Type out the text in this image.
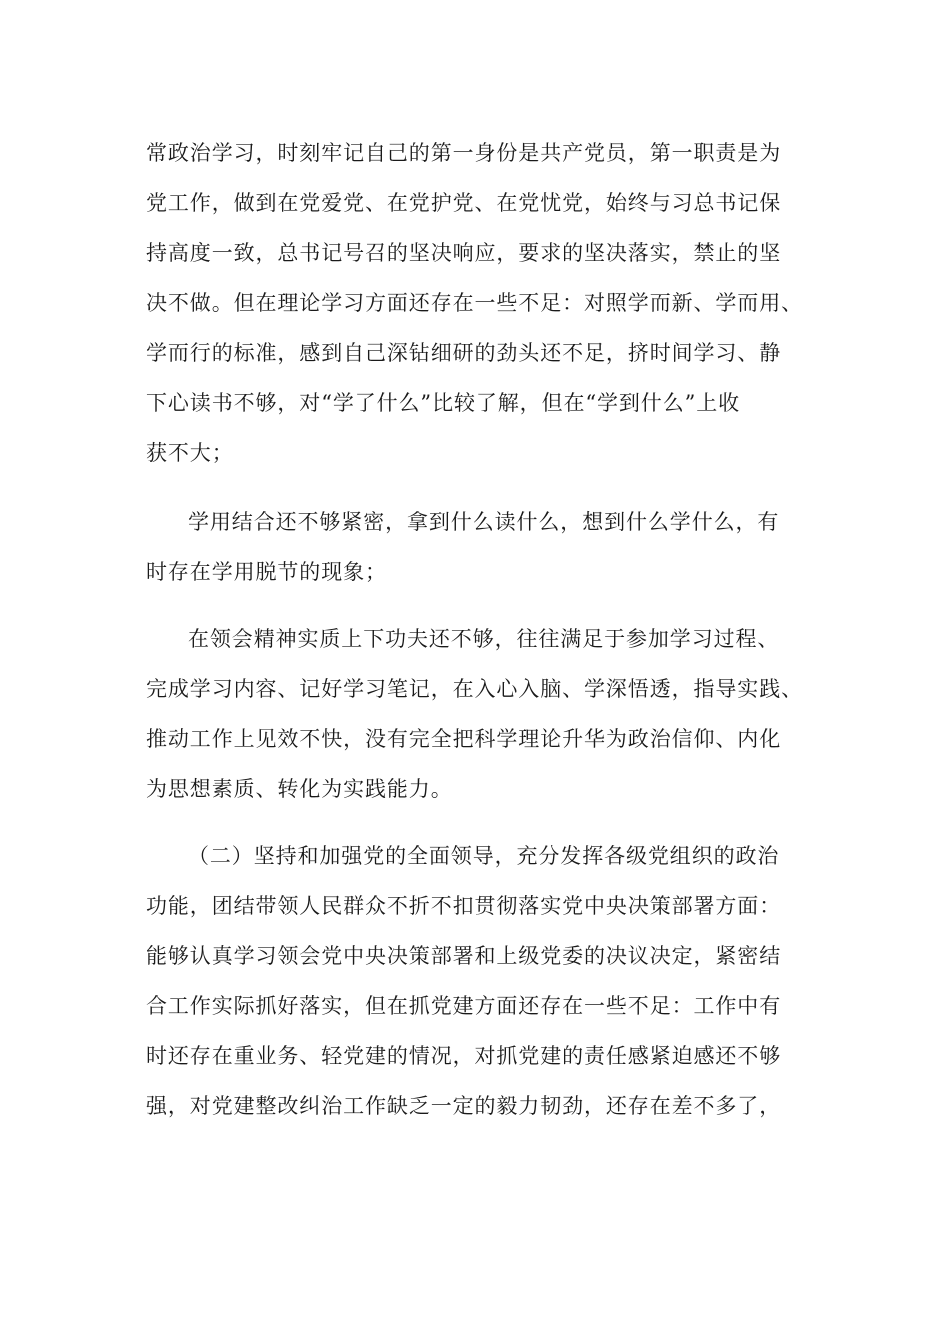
常政治学习，时刻牢记自己的第一身份是共产党员，第一职责是为
党工作，做到在党爱党、在党护党、在党忧党，始终与习总书记保
持高度一致，总书记号召的坚决响应，要求的坚决落实，禁止的坚
决不做。但在理论学习方面还存在一些不足：对照学而新、学而用、
学而行的标准，感到自己深钻细研的劲头还不足，挤时间学习、静
下心读书不够，对“学了什么”比较了解，但在“学到什么”上收
获不大；
学用结合还不够紧密，拿到什么读什么，想到什么学什么，有
时存在学用脱节的现象；
在领会精神实质上下功夫还不够，往往满足于参加学习过程、
完成学习内容、记好学习笔记，在入心入脑、学深悟透，指导实践、
推动工作上见效不快，没有完全把科学理论升华为政治信仰、内化
为思想素质、转化为实践能力。
（二）坚持和加强党的全面领导，充分发挥各级党组织的政治
功能，团结带领人民群众不折不扣贯彻落实党中央决策部署方面：
能够认真学习领会党中央决策部署和上级党委的决议决定，紧密结
合工作实际抓好落实，但在抓党建方面还存在一些不足：工作中有
时还存在重业务、轻党建的情况，对抓党建的责任感紧迫感还不够
强，对党建整改纠治工作缺乏一定的毅力韧劲，还存在差不多了，
